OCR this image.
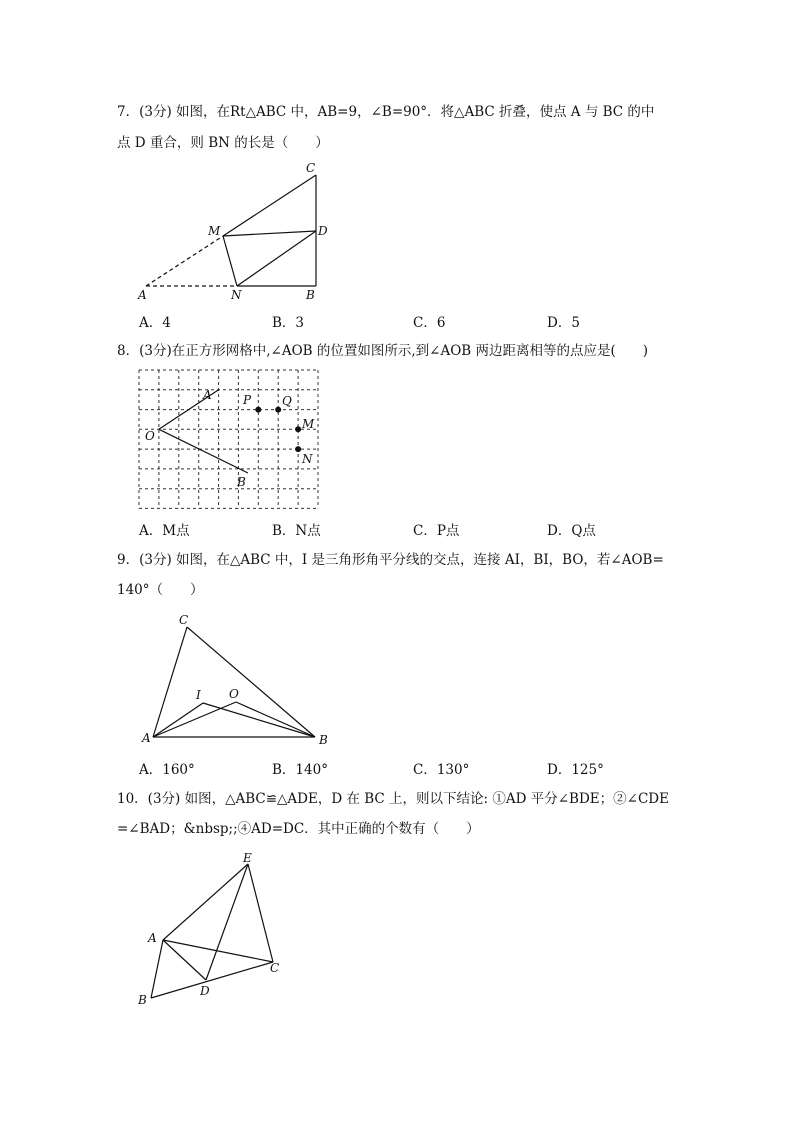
7．(3分) 如图，在Rt△ABC 中，AB=9，∠B=90°．将△ABC 折叠，使点 A 与 BC 的中
点 D 重合，则 BN 的长是（　　）
C
M	D
A	N	B
A．4	B．3	C．6	D．5
8．(3分)在正方形网格中,∠AOB 的位置如图所示,到∠AOB 两边距离相等的点应是(　　)
A
O
P	Q
M
N
B
A．M点	B．N点	C．P点	D．Q点
9．(3分) 如图，在△ABC 中，I 是三角形角平分线的交点，连接 AI，BI，BO，若∠AOB=
140°（　　）
C
I O
A	B
A．160°	B．140°	C．130°	D．125°
10．(3分) 如图，△ABC≌△ADE，D 在 BC 上，则以下结论: ①AD 平分∠BDE；②∠CDE
=∠BAD；&nbsp;;④AD=DC．其中正确的个数有（　　）
E
A
C
D
B
